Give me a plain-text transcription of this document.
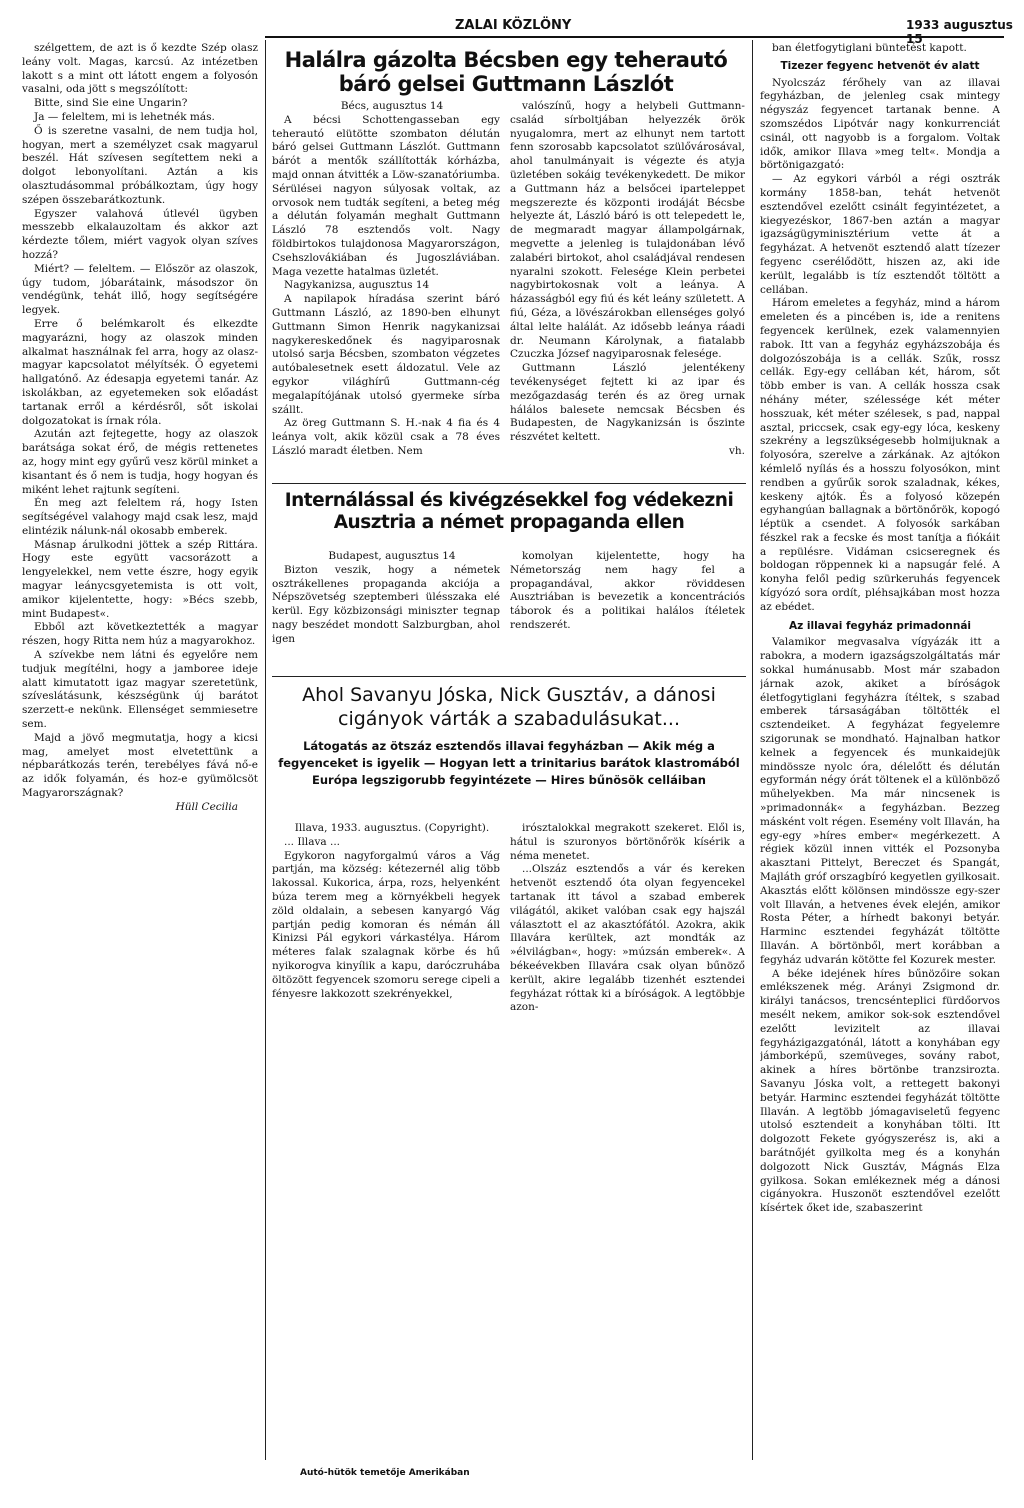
ZALAI KÖZLÖNY	1933 augusztus 15

szélgettem, de azt is ő kezdte Szép olasz leány volt. Magas, karcsú. Az intézetben lakott s a mint ott látott engem a folyosón vasalni, oda jött s megszólított:

Bitte, sind Sie eine Ungarin?

Ja — feleltem, mi is lehetnék más.

Ő is szeretne vasalni, de nem tudja hol, hogyan, mert a személyzet csak magyarul beszél. Hát szívesen segítettem neki a dolgot lebonyolítani. Aztán a kis olasztudásommal próbálkoztam, úgy hogy szépen összebarátkoztunk.

Egyszer valahová útlevél ügyben messzebb elkalauzoltam és akkor azt kérdezte tőlem, miért vagyok olyan szíves hozzá?

Miért? — feleltem. — Először az olaszok, úgy tudom, jóbarátaink, másodszor ön vendégünk, tehát illő, hogy segítségére legyek.

Erre ő belémkarolt és elkezdte magyarázni, hogy az olaszok minden alkalmat használnak fel arra, hogy az olasz-magyar kapcsolatot mélyítsék. Ő egyetemi hallgatónő. Az édesapja egyetemi tanár. Az iskolákban, az egyetemeken sok előadást tartanak erről a kérdésről, sőt iskolai dolgozatokat is írnak róla.

Azután azt fejtegette, hogy az olaszok barátsága sokat érő, de mégis rettenetes az, hogy mint egy gyűrű vesz körül minket a kisantant és ő nem is tudja, hogy hogyan és miként lehet rajtunk segíteni.

Én meg azt feleltem rá, hogy Isten segítségével valahogy majd csak lesz, majd elintézik nálunk-nál okosabb emberek.

Másnap árulkodni jöttek a szép Rittára. Hogy este együtt vacsorázott a lengyelekkel, nem vette észre, hogy egyik magyar leánycsgyetemista is ott volt, amikor kijelentette, hogy: »Bécs szebb, mint Budapest«.

Ebből azt következtették a magyar részen, hogy Ritta nem húz a magyarokhoz.

A szívekbe nem látni és egyelőre nem tudjuk megítélni, hogy a jamboree ideje alatt kimutatott igaz magyar szeretetünk, szíveslátásunk, készségünk új barátot szerzett-e nekünk. Ellenséget semmiesetre sem.

Majd a jövő megmutatja, hogy a kicsi mag, amelyet most elvetettünk a népbarátkozás terén, terebélyes fává nő-e az idők folyamán, és hoz-e gyümölcsöt Magyarországnak?

Hüll Cecilia
Halálra gázolta Bécsben egy teherautó
báró gelsei Guttmann Lászlót

Bécs, augusztus 14

A bécsi Schottengasseban egy teherautó elütötte szombaton délután báró gelsei Guttmann Lászlót. Guttmann bárót a mentők szállították kórházba, majd onnan átvitték a Löw-szanatóriumba. Sérülései nagyon súlyosak voltak, az orvosok nem tudták segíteni, a beteg még a délután folyamán meghalt Guttmann László 78 esztendős volt. Nagy földbirtokos tulajdonosa Magyarországon, Csehszlovákiában és Jugoszláviában. Maga vezette hatalmas üzletét.

Nagykanizsa, augusztus 14

A napilapok híradása szerint báró Guttmann László, az 1890-ben elhunyt Guttmann Simon Henrik nagykanizsai nagykereskedőnek és nagyiparosnak utolsó sarja Bécsben, szombaton végzetes autóbalesetnek esett áldozatul. Vele az egykor világhírű Guttmann-cég megalapítójának utolsó gyermeke sírba szállt.

Az öreg Guttmann S. H.-nak 4 fia és 4 leánya volt, akik közül csak a 78 éves László maradt életben. Nem

valószínű, hogy a helybeli Guttmann-család sírboltjában helyezzék örök nyugalomra, mert az elhunyt nem tartott fenn szorosabb kapcsolatot szülővárosával, ahol tanulmányait is végezte és atyja üzletében sokáig tevékenykedett. De mikor a Guttmann ház a belsőcei iparteleppet megszerezte és központi irodáját Bécsbe helyezte át, László báró is ott telepedett le, de megmaradt magyar állampolgárnak, megvette a jelenleg is tulajdonában lévő zalabéri birtokot, ahol családjával rendesen nyaralni szokott. Felesége Klein perbetei nagybirtokosnak volt a leánya. A házasságból egy fiú és két leány született. A fiú, Géza, a lövészárokban ellenséges golyó által lelte halálát. Az idősebb leánya ráadi dr. Neumann Károlynak, a fiatalabb Czuczka József nagyiparosnak felesége.

Guttmann László jelentékeny tevékenységet fejtett ki az ipar és mezőgazdaság terén és az öreg urnak hálálos balesete nemcsak Bécsben és Budapesten, de Nagykanizsán is őszinte részvétet keltett.

vh.
Internálással és kivégzésekkel fog védekezni
Ausztria a német propaganda ellen

Budapest, augusztus 14

Bizton veszik, hogy a németek osztrákellenes propaganda akciója a Népszövetség szeptemberi ülésszaka elé kerül. Egy közbizonsági miniszter tegnap nagy beszédet mondott Salzburgban, ahol igen

komolyan kijelentette, hogy ha Németország nem hagy fel a propagandával, akkor röviddesen Ausztriában is bevezetik a koncentrációs táborok és a politikai halálos ítéletek rendszerét.

Ahol Savanyu Jóska, Nick Gusztáv, a dánosi
cigányok várták a szabadulásukat...
Látogatás az ötszáz esztendős illavai fegyházban — Akik még a fegyenceket is igyelik — Hogyan lett a trinitarius barátok klastromából Európa legszigorubb fegyintézete — Hires bűnösök celláiban

Illava, 1933. augusztus. (Copyright).

... Illava ...

Egykoron nagyforgalmú város a Vág partján, ma község: kétezernél alig több lakossal. Kukorica, árpa, rozs, helyenként búza terem meg a környékbeli hegyek zöld oldalain, a sebesen kanyargó Vág partján pedig komoran és némán áll Kinizsi Pál egykori várkastélya. Három méteres falak szalagnak körbe és hű nyikorogva kinyílik a kapu, daróczruhába öltözött fegyencek szomoru serege cipeli a fényesre lakkozott szekrényekkel,

irósztalokkal megrakott szekeret. Elől is, hátul is szuronyos börtönőrök kísérik a néma menetet.

...Olszáz esztendős a vár és kereken hetvenöt esztendő óta olyan fegyencekel tartanak itt távol a szabad emberek világától, akiket valóban csak egy hajszál választott el az akasztófától. Azokra, akik Illavára kerültek, azt mondták az »élvilágban«, hogy: »múzsán emberek«. A békeévekben Illavára csak olyan bűnöző került, akire legalább tizenhét esztendei fegyházat róttak ki a bíróságok. A legtöbbje azon-

ban életfogytiglani büntetést kapott.

Tizezer fegyenc hetvenöt év alatt

Nyolcszáz férőhely van az illavai fegyházban, de jelenleg csak mintegy négyszáz fegyencet tartanak benne. A szomszédos Lipótvár nagy konkurrenciát csinál, ott nagyobb is a forgalom. Voltak idők, amikor Illava »meg telt«. Mondja a börtönigazgató:

— Az egykori várból a régi osztrák kormány 1858-ban, tehát hetvenöt esztendővel ezelőtt csinált fegyintézetet, a kiegyezéskor, 1867-ben aztán a magyar igazságügyminisztérium vette át a fegyházat. A hetvenöt esztendő alatt tízezer fegyenc cserélődött, hiszen az, aki ide került, legalább is tíz esztendőt töltött a cellában.

Három emeletes a fegyház, mind a három emeleten és a pincében is, ide a renitens fegyencek kerülnek, ezek valamennyien rabok. Itt van a fegyház egyházszobája és dolgozószobája is a cellák. Szűk, rossz cellák. Egy-egy cellában két, három, sőt több ember is van. A cellák hossza csak néhány méter, szélessége két méter hosszuak, két méter szélesek, s pad, nappal asztal, priccsek, csak egy-egy lóca, keskeny szekrény a legszükségesebb holmijuknak a folyosóra, szerelve a zárkának. Az ajtókon kémlelő nyílás és a hosszu folyosókon, mint rendben a gyűrűk sorok szaladnak, kékes, keskeny ajtók. És a folyosó közepén egyhangúan ballagnak a börtönőrök, kopogó léptük a csendet. A folyosók sarkában fészkel rak a fecske és most tanítja a fiókáit a repülésre. Vidáman csicseregnek és boldogan röppennek ki a napsugár felé. A konyha felől pedig szürkeruhás fegyencek kígyózó sora ordít, pléhsajkában most hozza az ebédet.

Az illavai fegyház primadonnái

Valamikor megvasalva vígyázák itt a rabokra, a modern igazságszolgáltatás már sokkal humánusabb. Most már szabadon járnak azok, akiket a bíróságok életfogytiglani fegyházra ítéltek, s szabad emberek társaságában töltötték el csztendeiket. A fegyházat fegyelemre szigorunak se mondható. Hajnalban hatkor kelnek a fegyencek és munkaidejük mindössze nyolc óra, délelőtt és délután egyformán négy órát töltenek el a különböző műhelyekben. Ma már nincsenek is »primadonnák« a fegyházban. Bezzeg másként volt régen. Esemény volt Illaván, ha egy-egy »híres ember« megérkezett. A régiek közül innen vitték el Pozsonyba akasztani Pittelyt, Bereczet és Spangát, Majláth gróf orszagbíró kegyetlen gyilkosait. Akasztás előtt kölönsen mindössze egy-szer volt Illaván, a hetvenes évek elején, amikor Rosta Péter, a hírhedt bakonyi betyár. Harminc esztendei fegyházát töltötte Illaván. A börtönből, mert korábban a fegyház udvarán kötötte fel Kozurek mester.

A béke idejének híres bűnözőire sokan emlékszenek még. Arányi Zsigmond dr. királyi tanácsos, trencsénteplici fürdőorvos mesélt nekem, amikor sok-sok esztendővel ezelőtt levizitelt az illavai fegyházigazgatónál, látott a konyhában egy jámborképű, szemüveges, sovány rabot, akinek a híres börtönbe tranzsirozta. Savanyu Jóska volt, a rettegett bakonyi betyár. Harminc esztendei fegyházát töltötte Illaván. A legtöbb jómagaviseletű fegyenc utolsó esztendeit a konyhában tölti. Itt dolgozott Fekete gyógyszerész is, aki a barátnőjét gyilkolta meg és a konyhán dolgozott Nick Gusztáv, Mágnás Elza gyilkosa. Sokan emlékeznek még a dánosi cigányokra. Huszonöt esztendővel ezelőtt kísértek őket ide, szabaszerint

Autó-hütök temetője Amerikában
